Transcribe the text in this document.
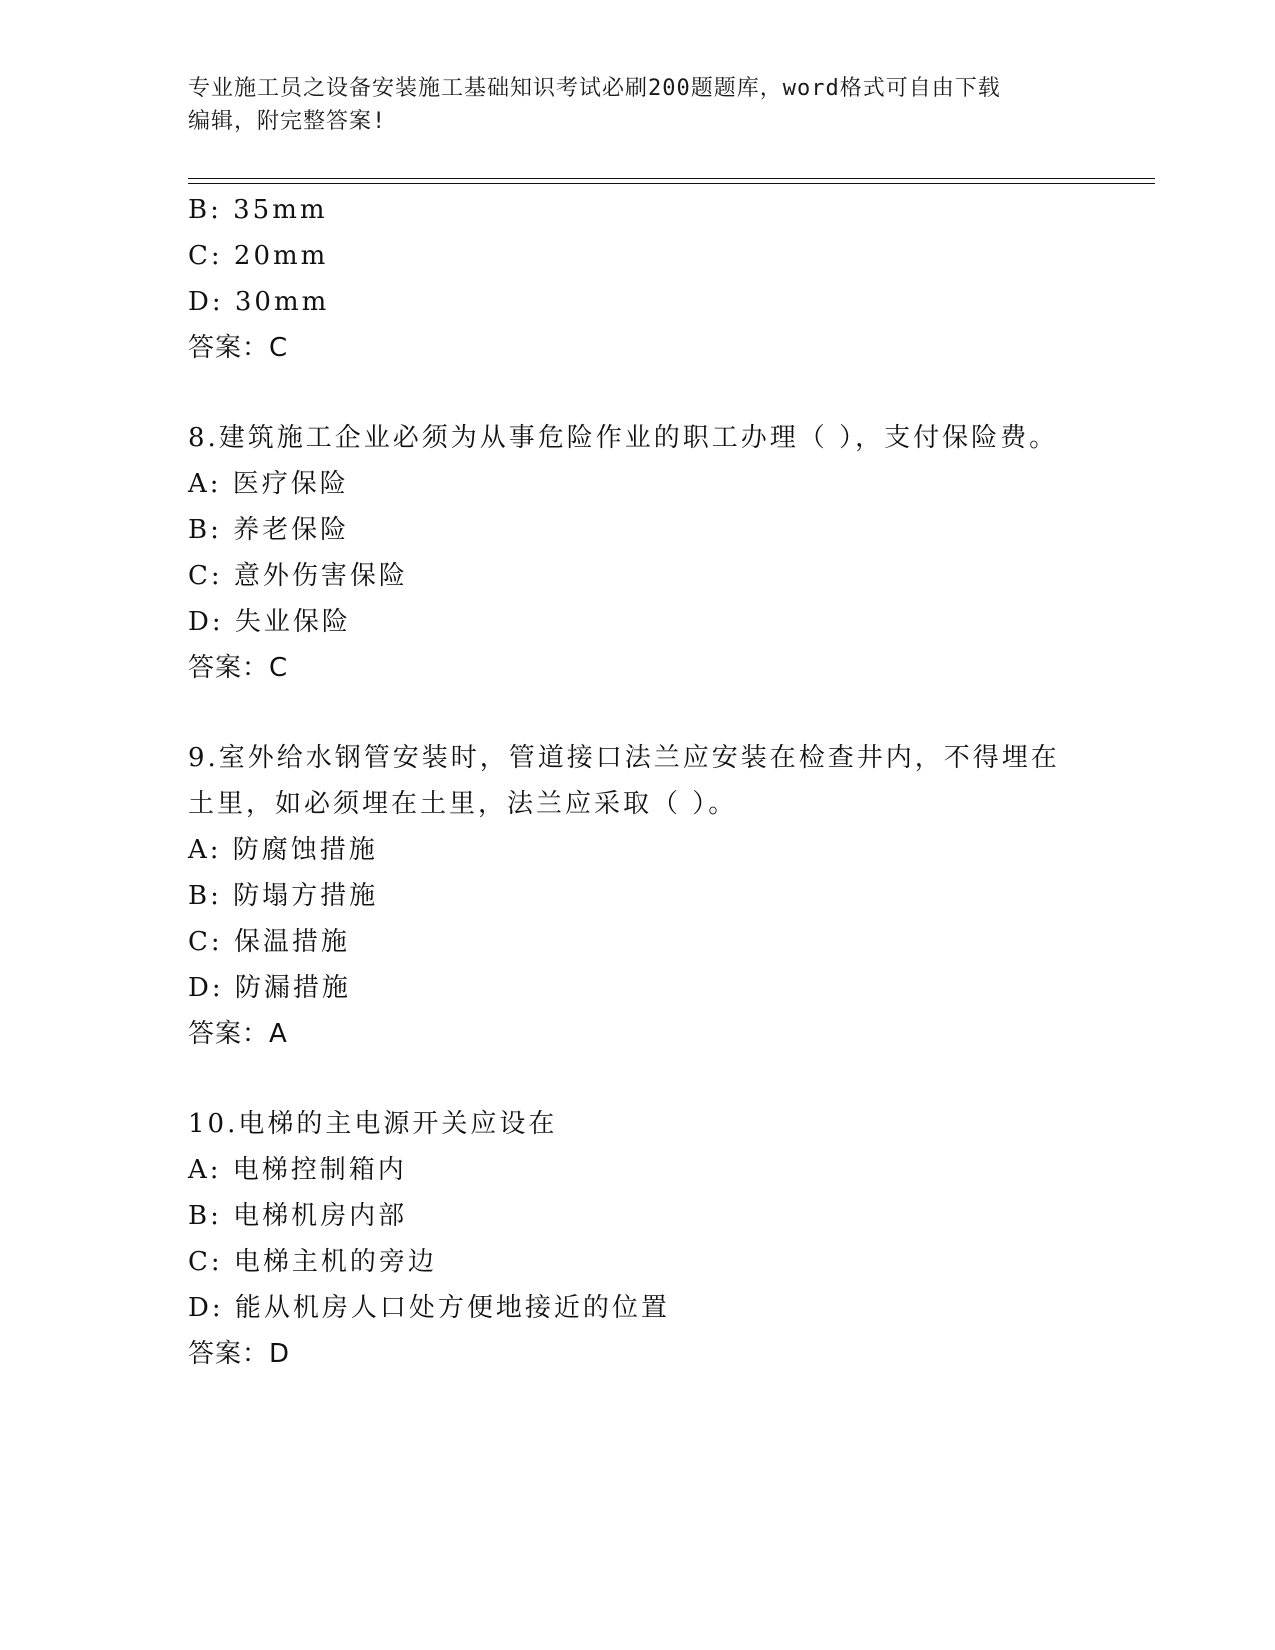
专业施工员之设备安装施工基础知识考试必刷200题题库，word格式可自由下载
编辑，附完整答案!
B: 35mm
C: 20mm
D: 30mm
答案：C
8.建筑施工企业必须为从事危险作业的职工办理（ ），支付保险费。
A: 医疗保险
B: 养老保险
C: 意外伤害保险
D: 失业保险
答案：C
9.室外给水钢管安装时，管道接口法兰应安装在检查井内，不得埋在
土里，如必须埋在土里，法兰应采取（ ）。
A: 防腐蚀措施
B: 防塌方措施
C: 保温措施
D: 防漏措施
答案：A
10.电梯的主电源开关应设在
A: 电梯控制箱内
B: 电梯机房内部
C: 电梯主机的旁边
D: 能从机房人口处方便地接近的位置
答案：D
